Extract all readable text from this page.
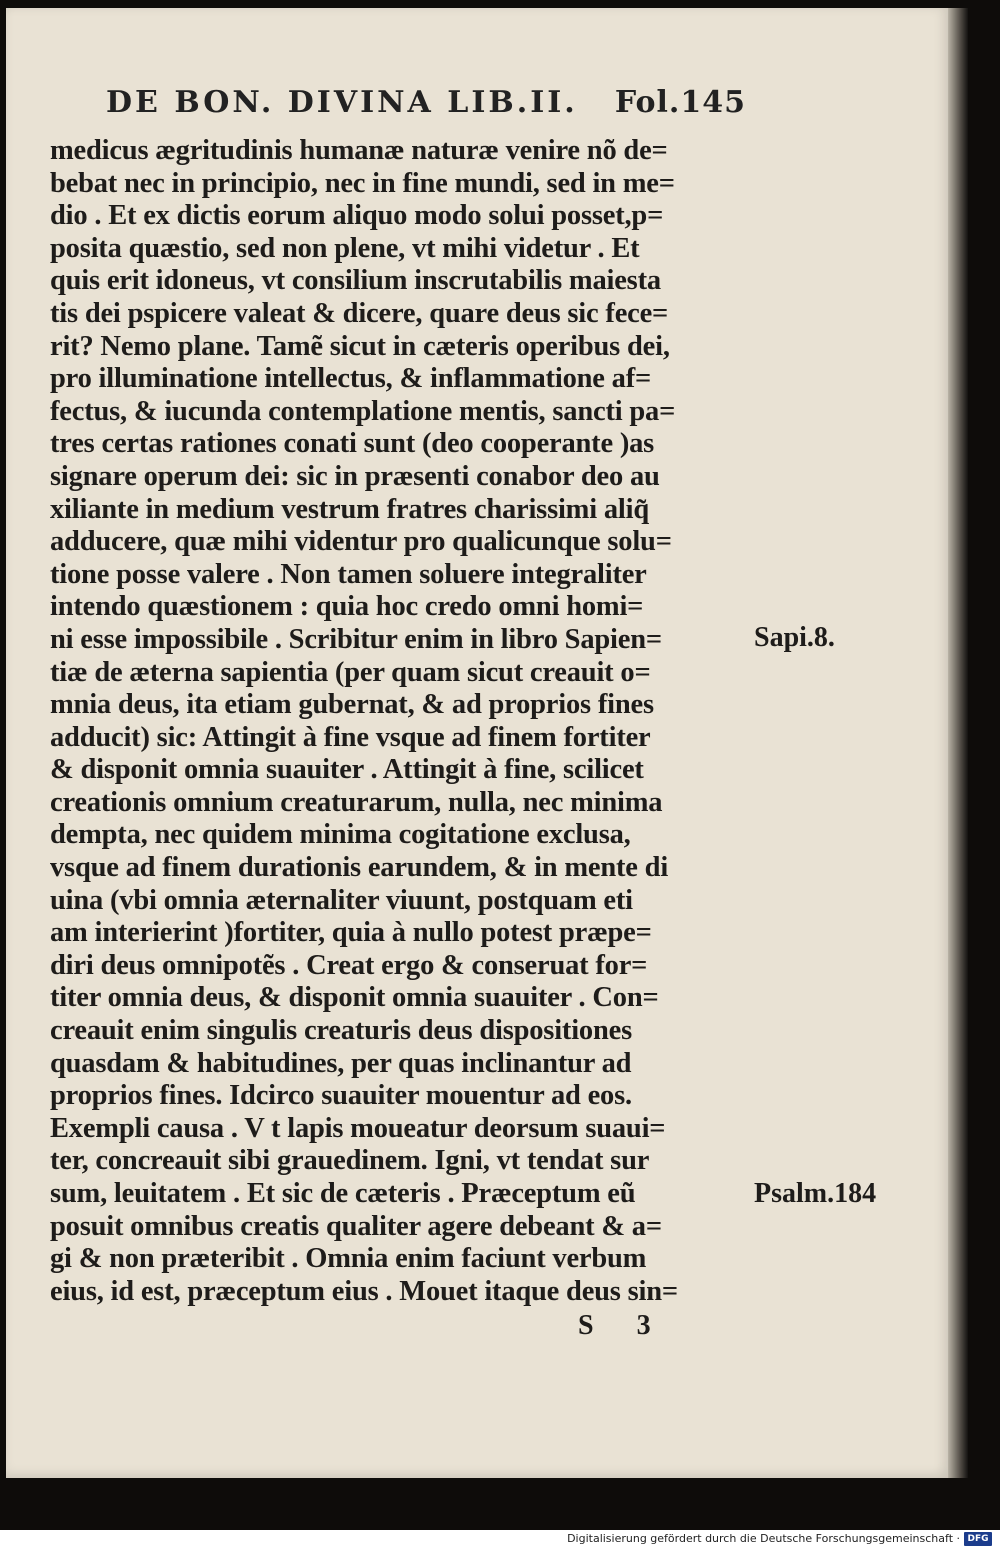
DE BON. DIVINA LIB.II. Fol.145
medicus ægritudinis humanæ naturæ venire nõ de=
bebat nec in principio, nec in fine mundi, sed in me=
dio . Et ex dictis eorum aliquo modo solui posset,p=
posita quæstio, sed non plene, vt mihi videtur . Et
quis erit idoneus, vt consilium inscrutabilis maiesta
tis dei pspicere valeat & dicere, quare deus sic fece=
rit? Nemo plane. Tamẽ sicut in cæteris operibus dei,
pro illuminatione intellectus, & inflammatione af=
fectus, & iucunda contemplatione mentis, sancti pa=
tres certas rationes conati sunt (deo cooperante )as
signare operum dei: sic in præsenti conabor deo au
xiliante in medium vestrum fratres charissimi aliq̃
adducere, quæ mihi videntur pro qualicunque solu=
tione posse valere . Non tamen soluere integraliter
intendo quæstionem : quia hoc credo omni homi=
ni esse impossibile . Scribitur enim in libro Sapien=
tiæ de æterna sapientia (per quam sicut creauit o=
mnia deus, ita etiam gubernat, & ad proprios fines
adducit) sic: Attingit à fine vsque ad finem fortiter
& disponit omnia suauiter . Attingit à fine, scilicet
creationis omnium creaturarum, nulla, nec minima
dempta, nec quidem minima cogitatione exclusa,
vsque ad finem durationis earundem, & in mente di
uina (vbi omnia æternaliter viuunt, postquam eti
am interierint )fortiter, quia à nullo potest præpe=
diri deus omnipotẽs . Creat ergo & conseruat for=
titer omnia deus, & disponit omnia suauiter . Con=
creauit enim singulis creaturis deus dispositiones
quasdam & habitudines, per quas inclinantur ad
proprios fines. Idcirco suauiter mouentur ad eos.
Exempli causa . V t lapis moueatur deorsum suaui=
ter, concreauit sibi grauedinem. Igni, vt tendat sur
sum, leuitatem . Et sic de cæteris . Præceptum eũ
posuit omnibus creatis qualiter agere debeant & a=
gi & non præteribit . Omnia enim faciunt verbum
eius, id est, præceptum eius . Mouet itaque deus sin=
Sapi.8.
Psalm.184
S 3
Digitalisierung gefördert durch die Deutsche Forschungsgemeinschaft · DFG
